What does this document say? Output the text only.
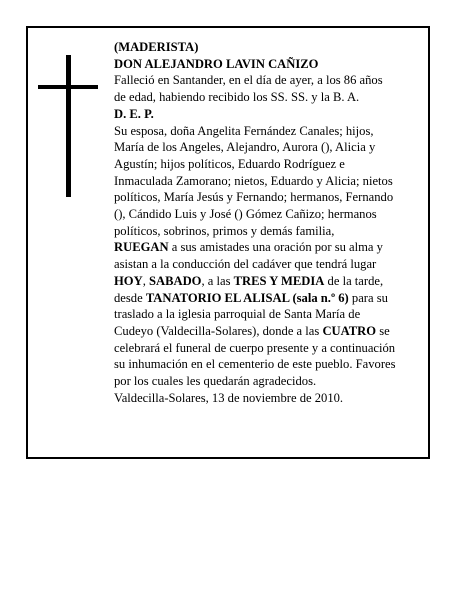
(MADERISTA)
DON ALEJANDRO LAVIN CAÑIZO
Falleció en Santander, en el día de ayer, a los 86 años
de edad, habiendo recibido los SS. SS. y la B. A.
D. E. P.
Su esposa, doña Angelita Fernández Canales; hijos,
María de los Angeles, Alejandro, Aurora (), Alicia y
Agustín; hijos políticos, Eduardo Rodríguez e
Inmaculada Zamorano; nietos, Eduardo y Alicia; nietos
políticos, María Jesús y Fernando; hermanos, Fernando
(), Cándido Luis y José () Gómez Cañizo; hermanos
políticos, sobrinos, primos y demás familia,
RUEGAN a sus amistades una oración por su alma y
asistan a la conducción del cadáver que tendrá lugar
HOY, SABADO, a las TRES Y MEDIA de la tarde,
desde TANATORIO EL ALISAL (sala n.º 6) para su
traslado a la iglesia parroquial de Santa María de
Cudeyo (Valdecilla-Solares), donde a las CUATRO se
celebrará el funeral de cuerpo presente y a continuación
su inhumación en el cementerio de este pueblo. Favores
por los cuales les quedarán agradecidos.
Valdecilla-Solares, 13 de noviembre de 2010.
